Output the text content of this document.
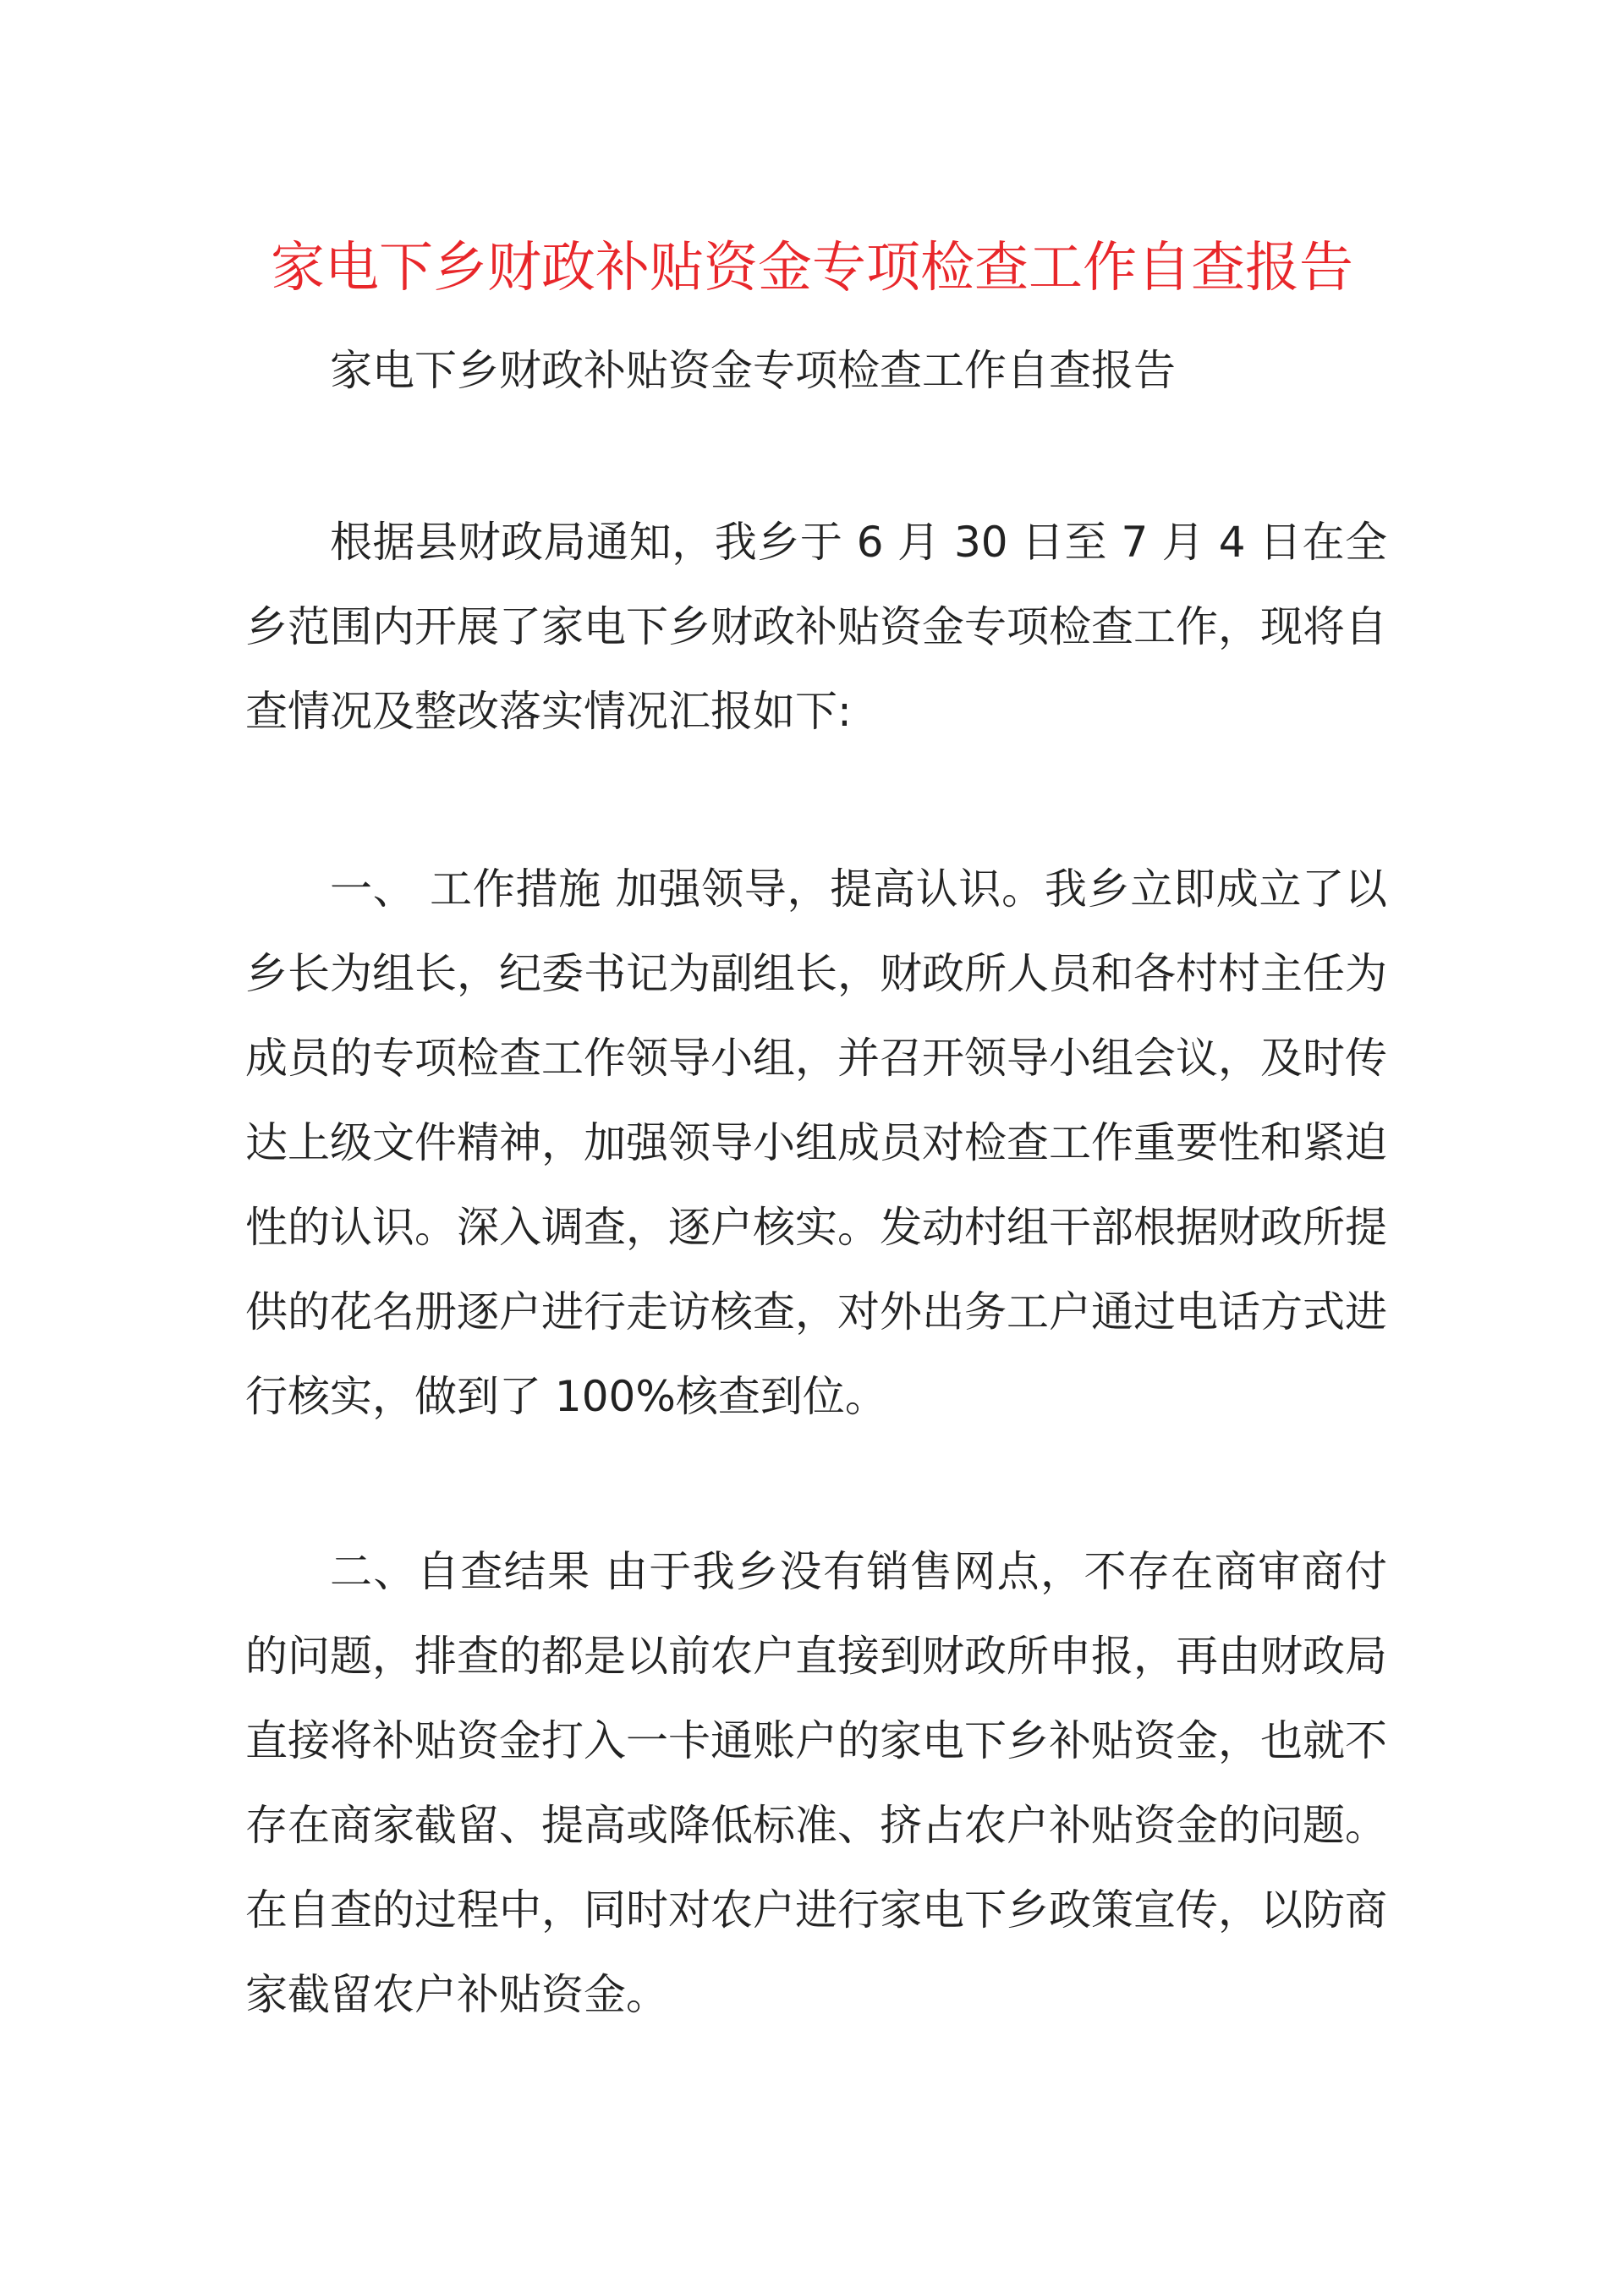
家电下乡财政补贴资金专项检查工作自查报告

家电下乡财政补贴资金专项检查工作自查报告

根据县财政局通知，我乡于 6 月 30 日至 7 月 4 日在全乡范围内开展了家电下乡财政补贴资金专项检查工作，现将自查情况及整改落实情况汇报如下:

一、 工作措施 加强领导，提高认识。我乡立即成立了以乡长为组长，纪委书记为副组长，财政所人员和各村村主任为成员的专项检查工作领导小组，并召开领导小组会议，及时传达上级文件精神，加强领导小组成员对检查工作重要性和紧迫性的认识。深入调查，逐户核实。发动村组干部根据财政所提供的花名册逐户进行走访核查，对外出务工户通过电话方式进行核实，做到了 100%核查到位。

二、自查结果 由于我乡没有销售网点，不存在商审商付的问题，排查的都是以前农户直接到财政所申报，再由财政局直接将补贴资金打入一卡通账户的家电下乡补贴资金，也就不存在商家截留、提高或降低标准、挤占农户补贴资金的问题。 在自查的过程中，同时对农户进行家电下乡政策宣传，以防商家截留农户补贴资金。
